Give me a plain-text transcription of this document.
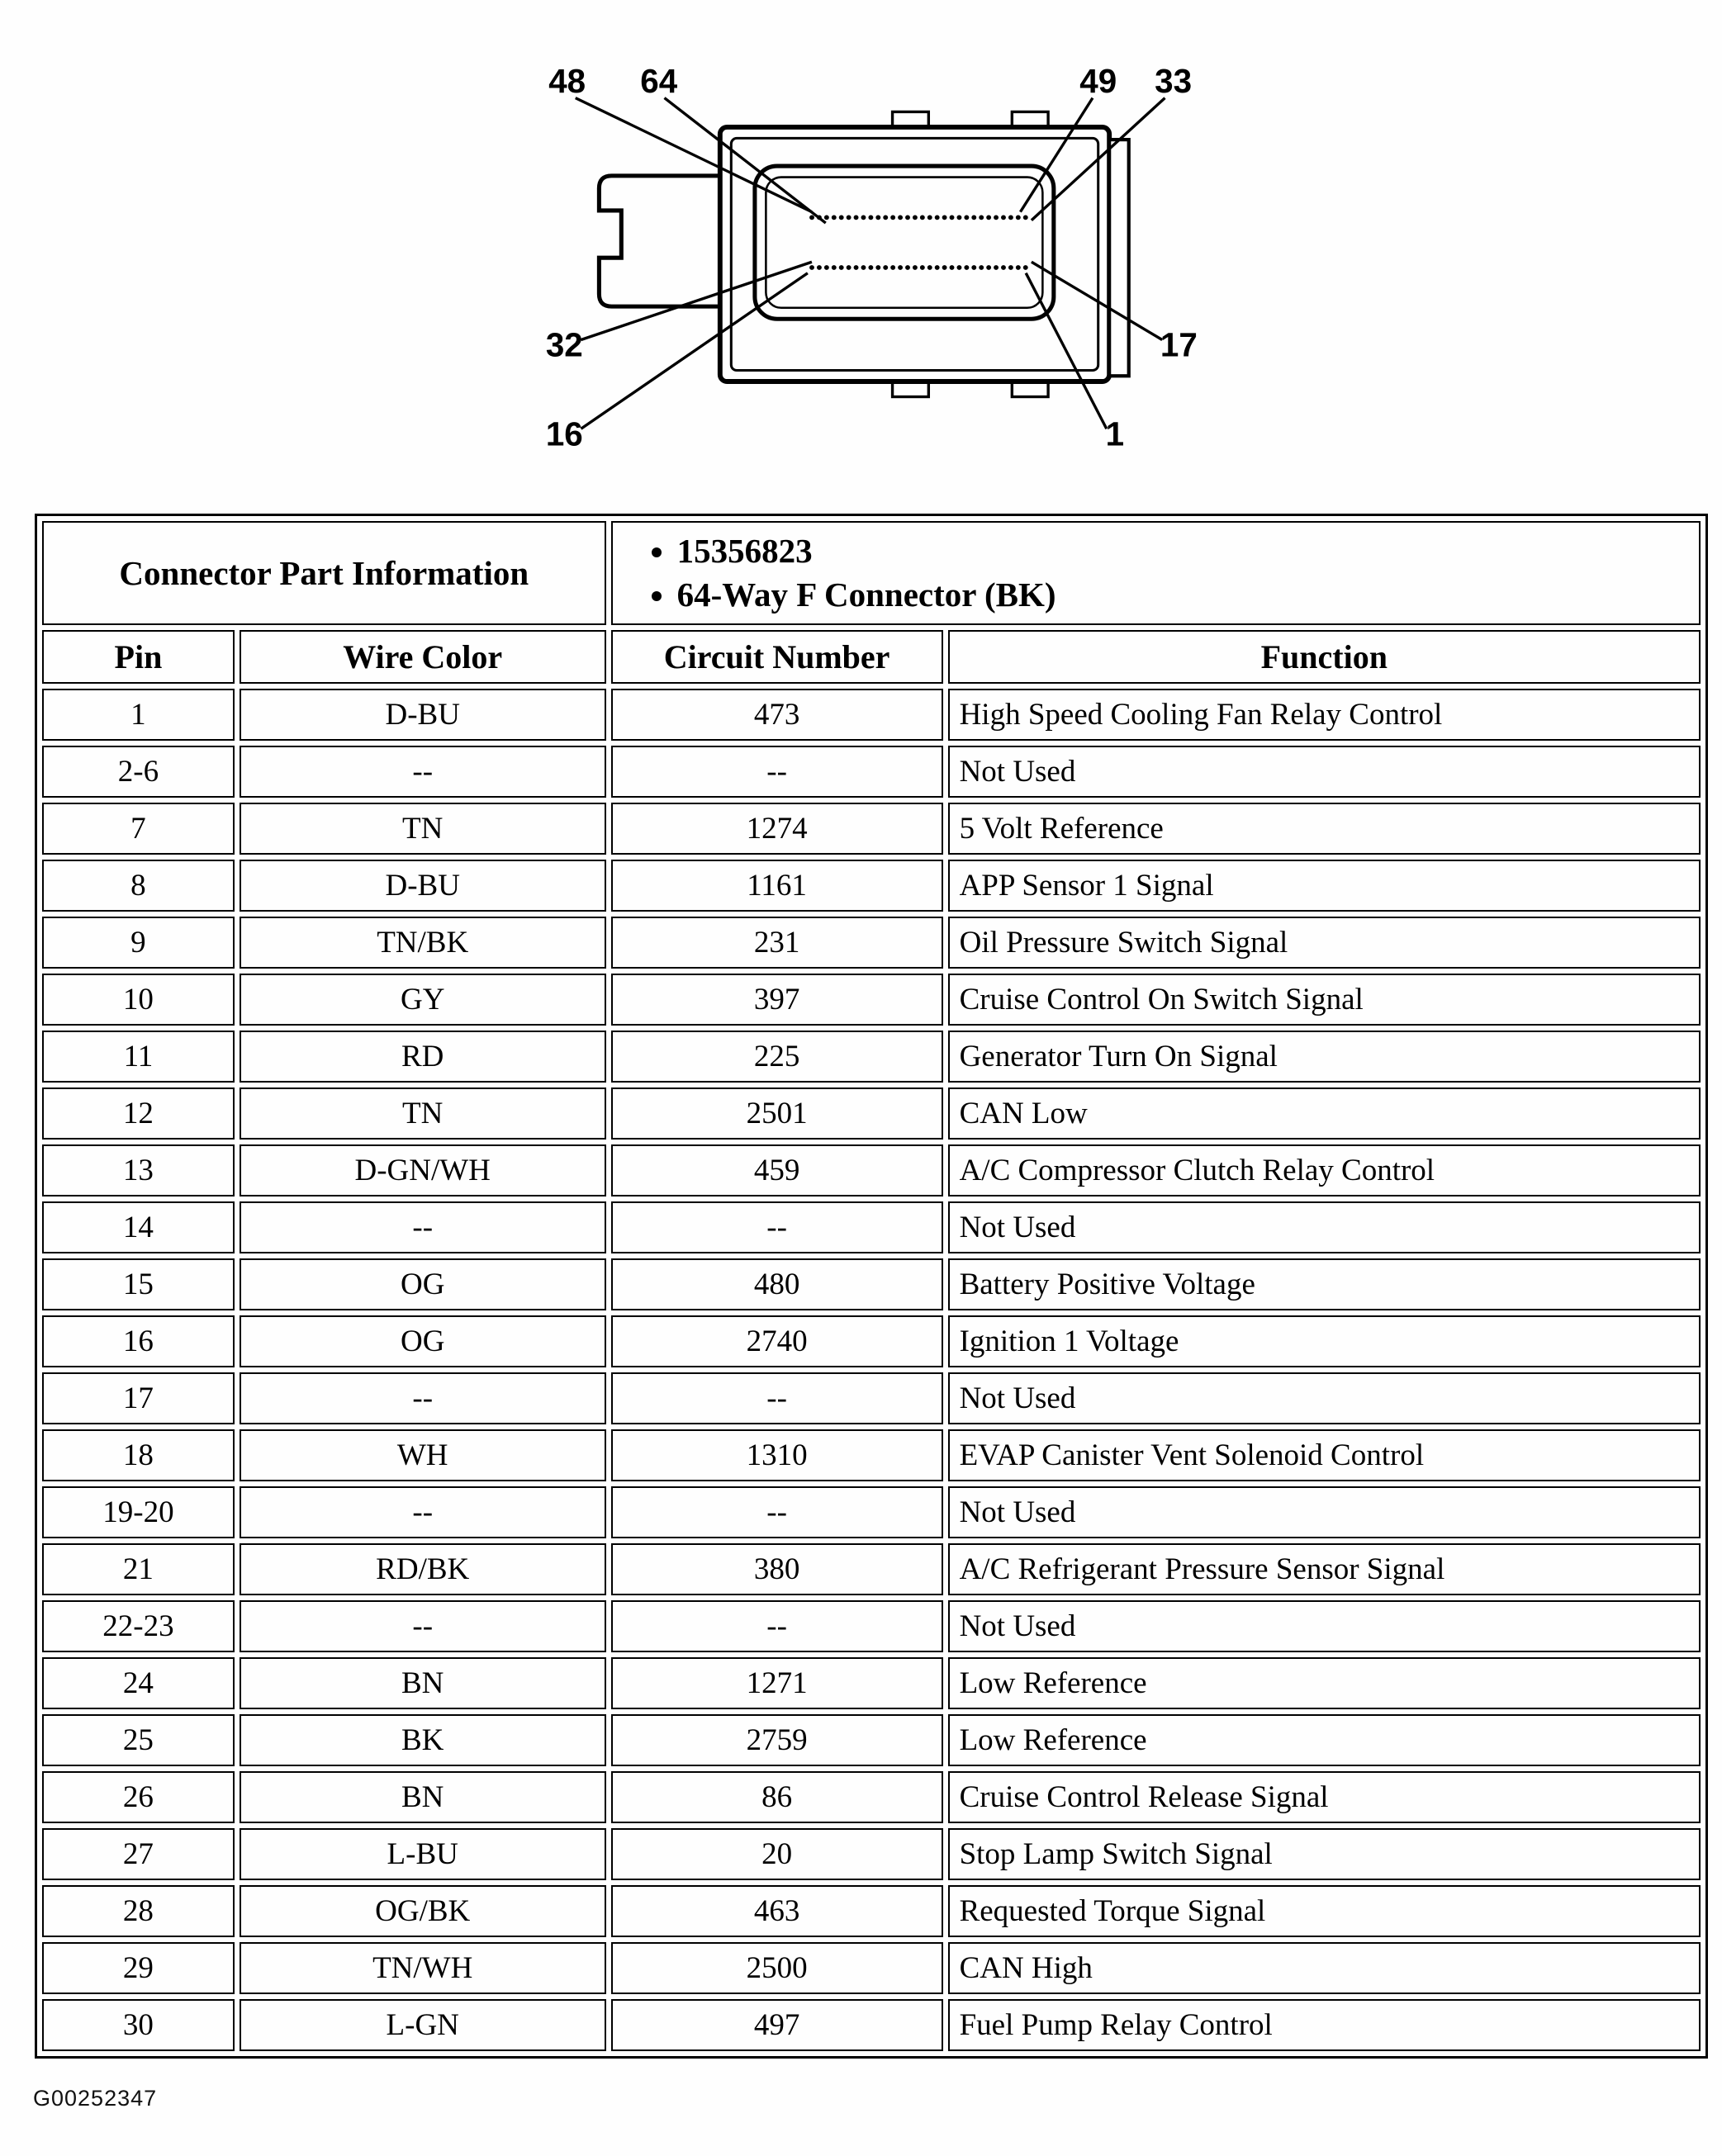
48	64	49 33
32
16
17
1
Connector Part Information	
• 15356823
• 64-Way F Connector (BK)

Pin	Wire Color	Circuit Number	Function
1	D-BU	473	High Speed Cooling Fan Relay Control
2-6	--	--	Not Used
7	TN	1274	5 Volt Reference
8	D-BU	1161	APP Sensor 1 Signal
9	TN/BK	231	Oil Pressure Switch Signal
10	GY	397	Cruise Control On Switch Signal
11	RD	225	Generator Turn On Signal
12	TN	2501	CAN Low
13	D-GN/WH	459	A/C Compressor Clutch Relay Control
14	--	--	Not Used
15	OG	480	Battery Positive Voltage
16	OG	2740	Ignition 1 Voltage
17	--	--	Not Used
18	WH	1310	EVAP Canister Vent Solenoid Control
19-20	--	--	Not Used
21	RD/BK	380	A/C Refrigerant Pressure Sensor Signal
22-23	--	--	Not Used
24	BN	1271	Low Reference
25	BK	2759	Low Reference
26	BN	86	Cruise Control Release Signal
27	L-BU	20	Stop Lamp Switch Signal
28	OG/BK	463	Requested Torque Signal
29	TN/WH	2500	CAN High
30	L-GN	497	Fuel Pump Relay Control
G00252347
